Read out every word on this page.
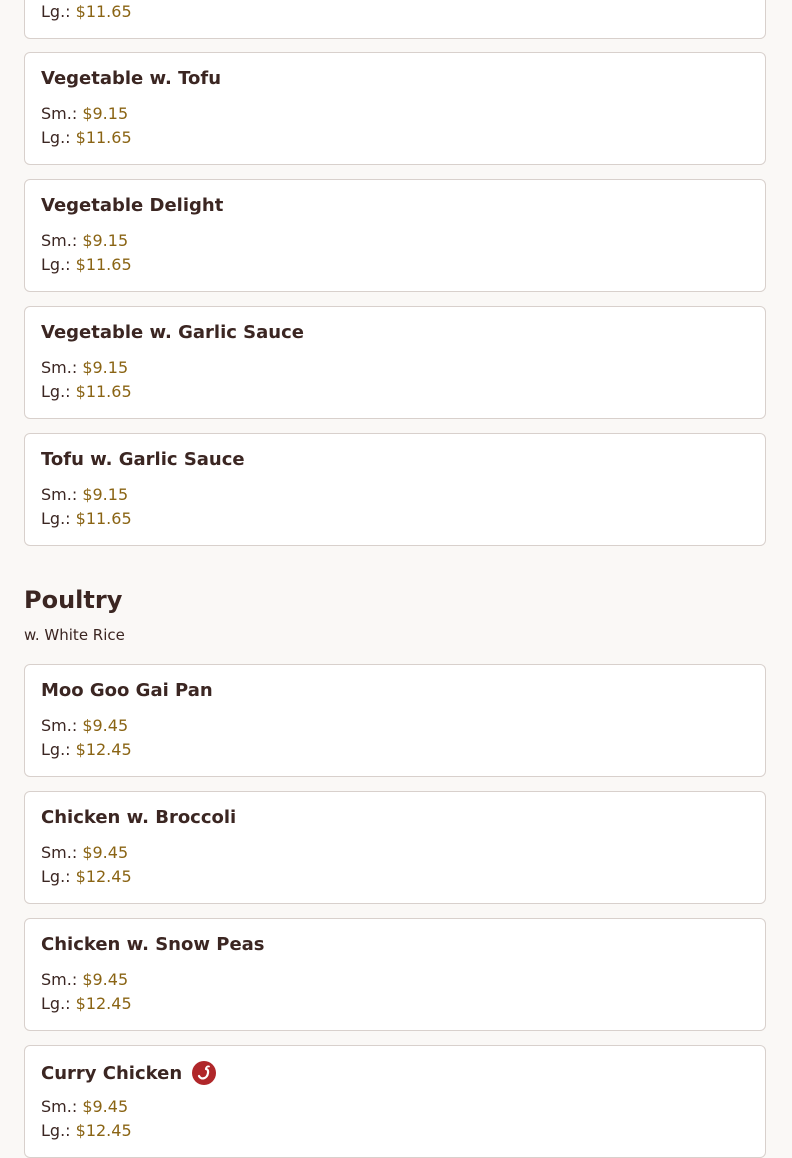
Lg.: $11.65
Vegetable w. Tofu
Sm.: $9.15
Lg.: $11.65
Vegetable Delight
Sm.: $9.15
Lg.: $11.65
Vegetable w. Garlic Sauce
Sm.: $9.15
Lg.: $11.65
Tofu w. Garlic Sauce
Sm.: $9.15
Lg.: $11.65
Poultry
w. White Rice
Moo Goo Gai Pan
Sm.: $9.45
Lg.: $12.45
Chicken w. Broccoli
Sm.: $9.45
Lg.: $12.45
Chicken w. Snow Peas
Sm.: $9.45
Lg.: $12.45
Curry Chicken
Sm.: $9.45
Lg.: $12.45
